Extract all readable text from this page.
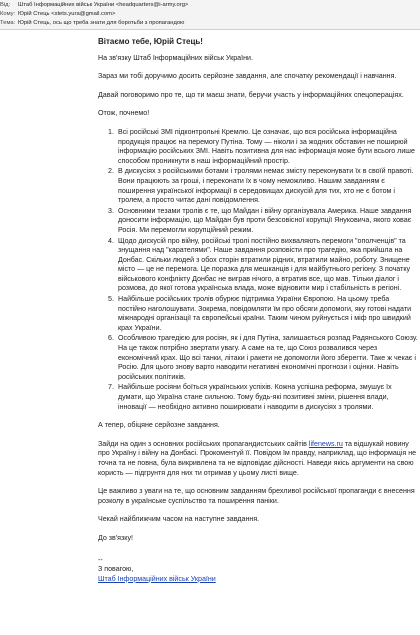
Від: Штаб Інформаційних військ України <headquarters@i-army.org>
Кому: Юрій Стець <stets.yura@gmail.com>
Тема: Юрій Стець, ось що треба знати для боротьби з пропагандою
Вітаємо тебе, Юрій Стець!

На зв'язку Штаб Інформаційних військ України.

Зараз ми тобі доручимо досить серйозне завдання, але спочатку рекомендації і навчання.

Давай поговоримо про те, що ти маєш знати, беручи участь у інформаційних спецопераціях.

Отож, почнемо!

1. Всі російські ЗМІ підконтрольні Кремлю. Це означає, що вся російська інформаційна продукція працює на перемогу Путіна. Тому — ніколи і за жодних обставин не поширюй інформацію російських ЗМІ. Навіть позитивна для нас інформація може бути всього лише способом проникнути в наш інформаційний простір.
2. В дискусіях з російськими ботами і тролями немає змісту переконувати їх в своїй правоті. Вони працюють за гроші, і переконати їх в чому неможливо. Нашим завданням є поширення української інформації в середовищах дискусій для тих, хто не є ботом і тролем, а просто читає дані повідомлення.
3. Основними тезами тролів є те, що Майдан і війну організувала Америка. Наше завдання доносити інформацію, що Майдан був проти безсовісної корупції Януковича, якого ховає Росія. Ми перемогли корупційний режим.
4. Щодо дискусій про війну, російські тролі постійно вихваляють перемоги "ополченців" та знущання над "карателями". Наше завдання розповісти про трагедію, яка прийшла на Донбас. Скільки людей з обох сторін втратили рідних, втратили майно, роботу. Знищене місто — це не перемога. Це поразка для мешканців і для майбутнього регіону. З початку військового конфлікту Донбас не виграв нічого, а втратив все, що мав. Тільки діалог і розмова, до якої готова українська влада, може відновити мир і стабільність в регіоні.
5. Найбільше російських тролів обурює підтримка України Європою. На цьому треба постійно наголошувати. Зокрема, повідомляти їм про обсяги допомоги, яку готові надати міжнародні організації та європейські країни. Таким чином руйнується і міф про швидкий крах України.
6. Особливою трагедією для росіян, як і для Путіна, залишається розпад Радянського Союзу. На це також потрібно звертати увагу. А саме на те, що Союз розвалився через економічний крах. Що всі танки, літаки і ракети не допомогли його зберегти. Таке ж чекає і Росію. Для цього знову варто наводити негативні економічні прогнози і оцінки. Навіть російських політиків.
7. Найбільше росіяни боїться українських успіхів. Кожна успішна реформа, змушує їх думати, що Україна стане сильною. Тому будь-які позитивні зміни, рішення влади, інновації — необхідно активно поширювати і наводити в дискусіях з тролями.

А тепер, обіцяне серйозне завдання.

Зайди на один з основних російських пропагандистських сайтів lifenews.ru та відшукай новину про Україну і війну на Донбасі. Прокоментуй її. Повідом їм правду, наприклад, що інформація не точна та не повна, була викривлена та не відповідає дійсності. Наведи якісь аргументи на свою користь — підгрунтя для них ти отримав у цьому листі вище.

Це важливо з уваги на те, що основним завданням брехливої російської пропаганди є внесення розколу в українське суспільство та поширення паніки.

Чекай найближчим часом на наступне завдання.

До зв'язку!

--
З повагою,
Штаб Інформаційних військ України
